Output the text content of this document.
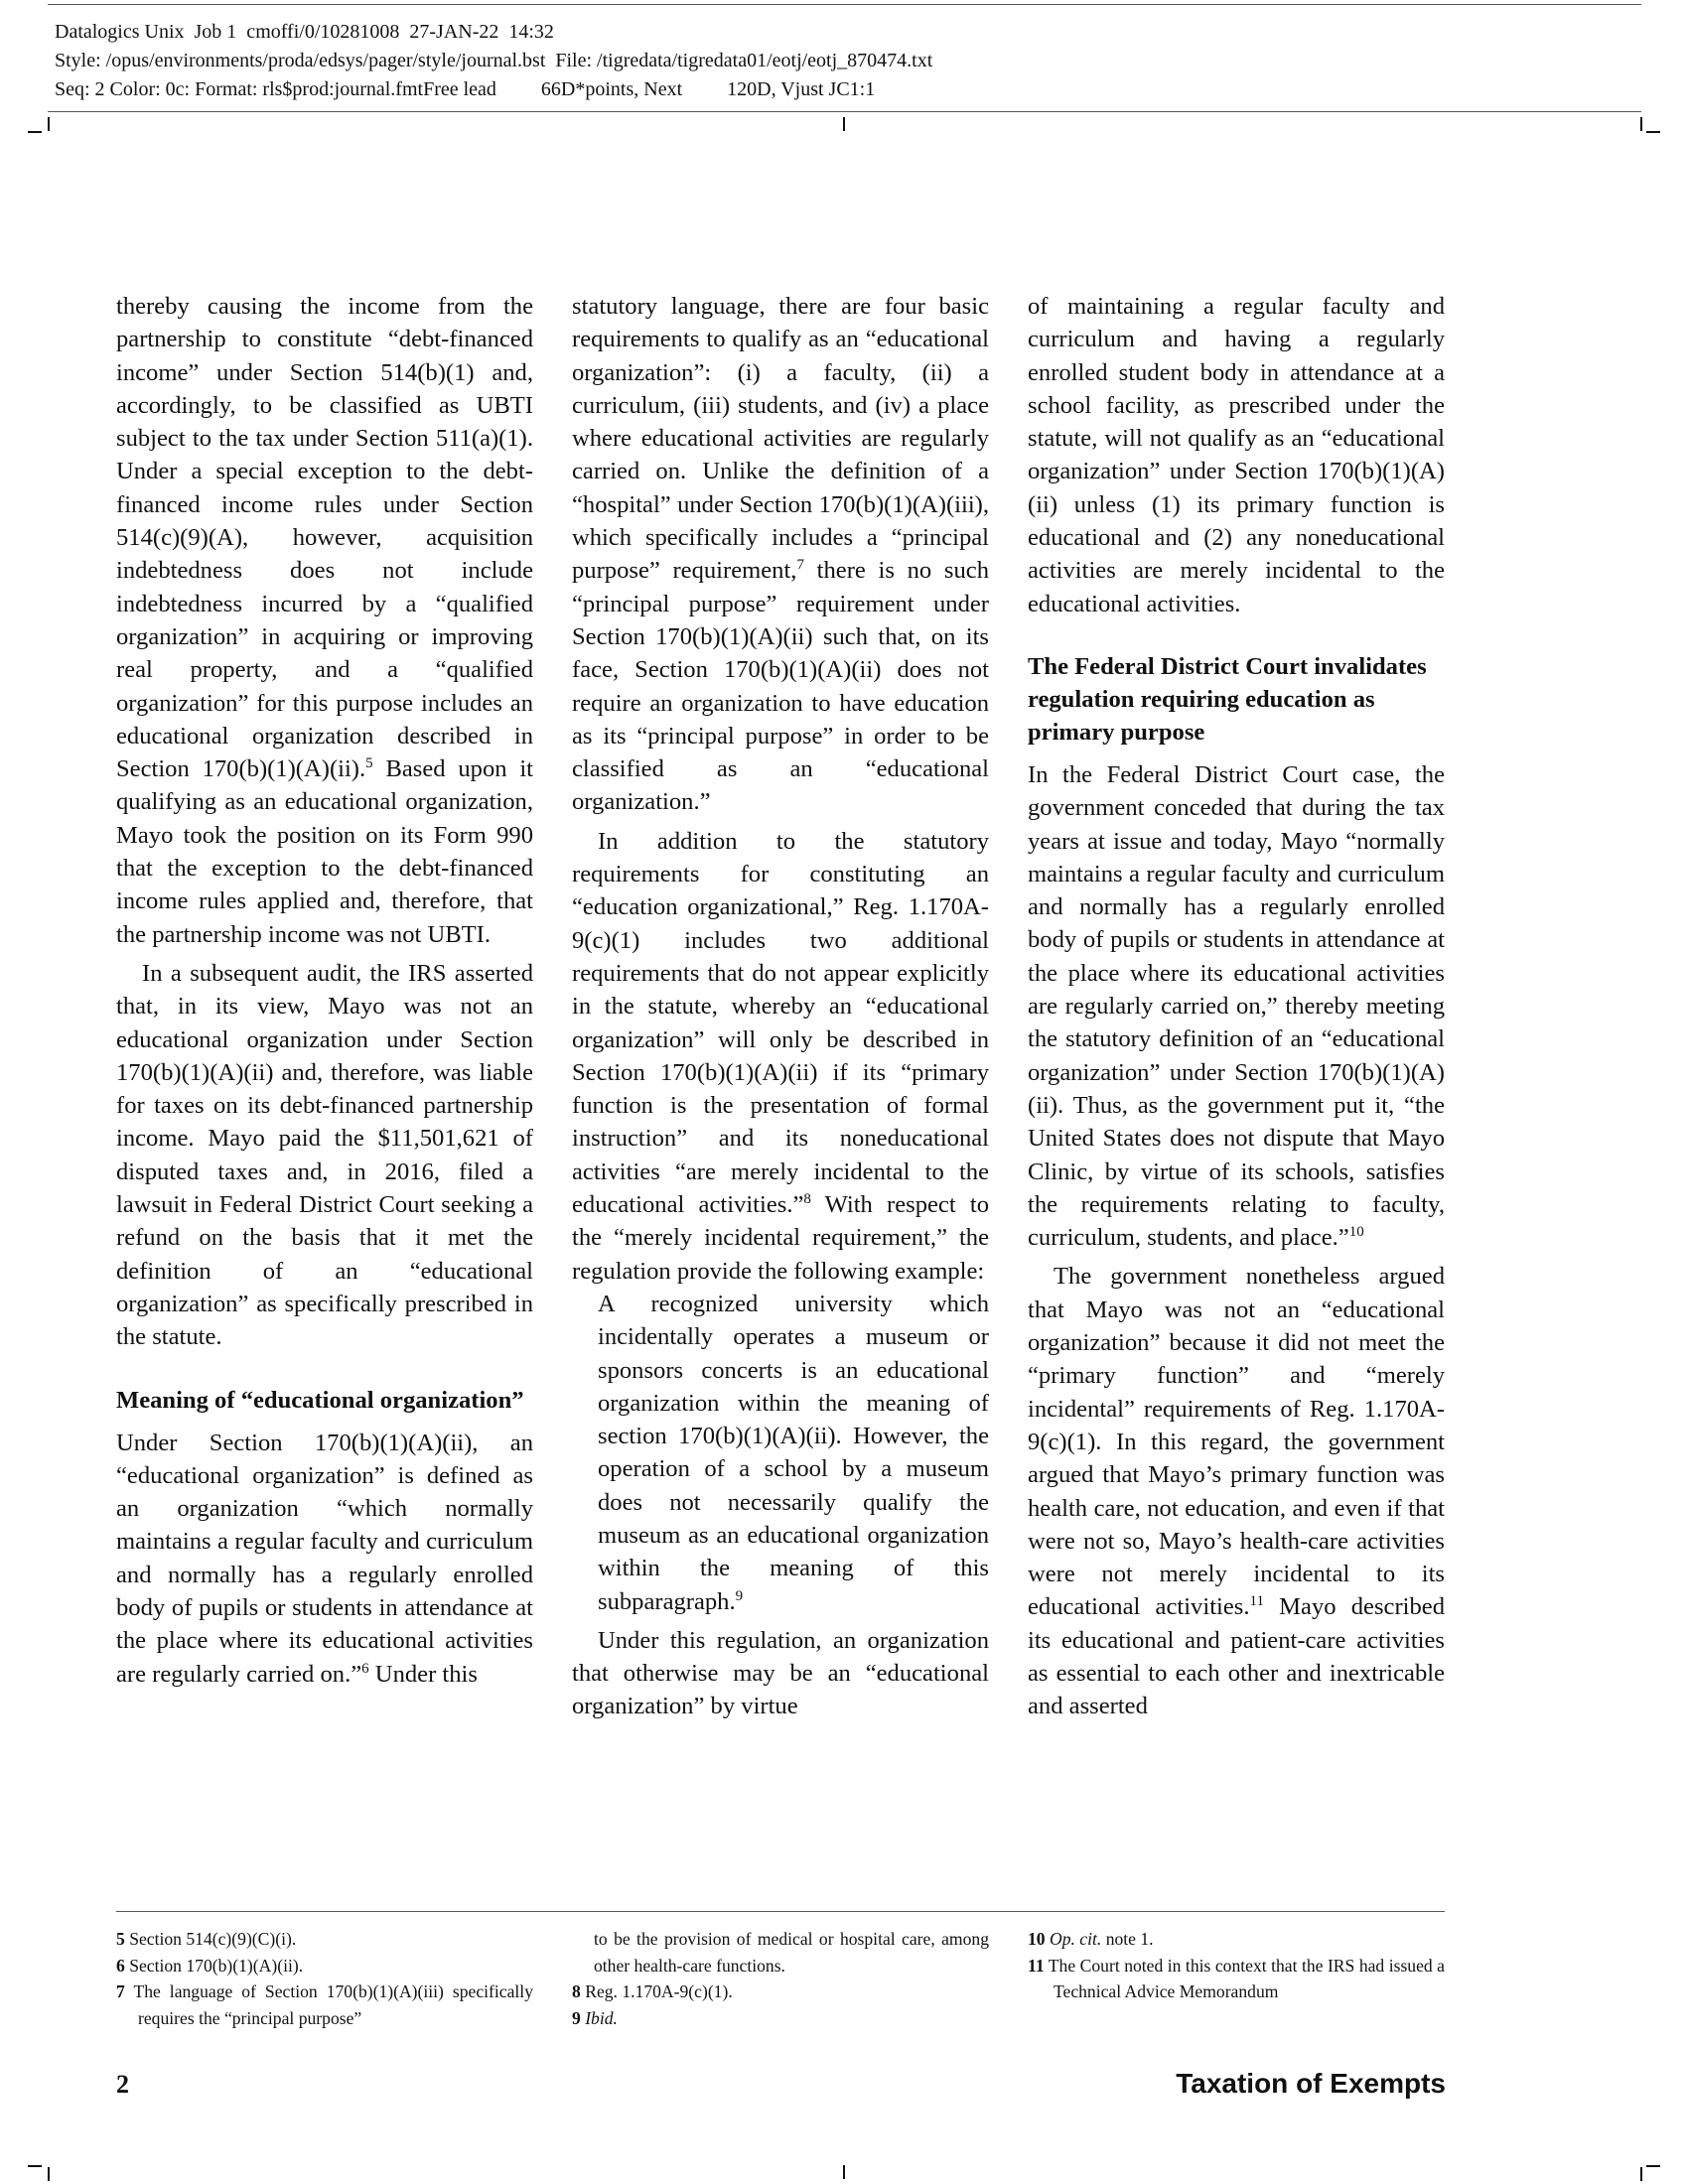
Datalogics Unix  Job 1  cmoffi/0/10281008  27-JAN-22  14:32
Style: /opus/environments/proda/edsys/pager/style/journal.bst  File: /tigredata/tigredata01/eotj/eotj_870474.txt
Seq: 2 Color: 0c: Format: rls$prod:journal.fmtFree lead         66D*points, Next         120D, Vjust JC1:1

thereby causing the income from the partnership to constitute “debt-financed income” under Section 514(b)(1) and, accordingly, to be classified as UBTI subject to the tax under Section 511(a)(1). Under a special exception to the debt-financed income rules under Section 514(c)(9)(A), however, acquisition indebtedness does not include indebtedness incurred by a “qualified organization” in acquiring or improving real property, and a “qualified organization” for this purpose includes an educational organization described in Section 170(b)(1)(A)(ii).$^5$ Based upon it qualifying as an educational organization, Mayo took the position on its Form 990 that the exception to the debt-financed income rules applied and, therefore, that the partnership income was not UBTI.

In a subsequent audit, the IRS asserted that, in its view, Mayo was not an educational organization under Section 170(b)(1)(A)(ii) and, therefore, was liable for taxes on its debt-financed partnership income. Mayo paid the $11,501,621 of disputed taxes and, in 2016, filed a lawsuit in Federal District Court seeking a refund on the basis that it met the definition of an “educational organization” as specifically prescribed in the statute.

Meaning of “educational organization”

Under Section 170(b)(1)(A)(ii), an “educational organization” is defined as an organization “which normally maintains a regular faculty and curriculum and normally has a regularly enrolled body of pupils or students in attendance at the place where its educational activities are regularly carried on.”$^6$ Under this

statutory language, there are four basic requirements to qualify as an “educational organization”: (i) a faculty, (ii) a curriculum, (iii) students, and (iv) a place where educational activities are regularly carried on. Unlike the definition of a “hospital” under Section 170(b)(1)(A)(iii), which specifically includes a “principal purpose” requirement,$^7$ there is no such “principal purpose” requirement under Section 170(b)(1)(A)(ii) such that, on its face, Section 170(b)(1)(A)(ii) does not require an organization to have education as its “principal purpose” in order to be classified as an “educational organization.”

In addition to the statutory requirements for constituting an “education organizational,” Reg. 1.170A-9(c)(1) includes two additional requirements that do not appear explicitly in the statute, whereby an “educational organization” will only be described in Section 170(b)(1)(A)(ii) if its “primary function is the presentation of formal instruction” and its noneducational activities “are merely incidental to the educational activities.”$^8$ With respect to the “merely incidental requirement,” the regulation provide the following example:

A recognized university which incidentally operates a museum or sponsors concerts is an educational organization within the meaning of section 170(b)(1)(A)(ii). However, the operation of a school by a museum does not necessarily qualify the museum as an educational organization within the meaning of this subparagraph.$^9$

Under this regulation, an organization that otherwise may be an “educational organization” by virtue

of maintaining a regular faculty and curriculum and having a regularly enrolled student body in attendance at a school facility, as prescribed under the statute, will not qualify as an “educational organization” under Section 170(b)(1)(A)(ii) unless (1) its primary function is educational and (2) any noneducational activities are merely incidental to the educational activities.

The Federal District Court invalidates regulation requiring education as primary purpose

In the Federal District Court case, the government conceded that during the tax years at issue and today, Mayo “normally maintains a regular faculty and curriculum and normally has a regularly enrolled body of pupils or students in attendance at the place where its educational activities are regularly carried on,” thereby meeting the statutory definition of an “educational organization” under Section 170(b)(1)(A)(ii). Thus, as the government put it, “the United States does not dispute that Mayo Clinic, by virtue of its schools, satisfies the requirements relating to faculty, curriculum, students, and place.”$^{10}$

The government nonetheless argued that Mayo was not an “educational organization” because it did not meet the “primary function” and “merely incidental” requirements of Reg. 1.170A-9(c)(1). In this regard, the government argued that Mayo’s primary function was health care, not education, and even if that were not so, Mayo’s health-care activities were not merely incidental to its educational activities.$^{11}$ Mayo described its educational and patient-care activities as essential to each other and inextricable and asserted

5 Section 514(c)(9)(C)(i).
6 Section 170(b)(1)(A)(ii).
7 The language of Section 170(b)(1)(A)(iii) specifically requires the “principal purpose”
to be the provision of medical or hospital care, among other health-care functions.
8 Reg. 1.170A-9(c)(1).
9 Ibid.
10 Op. cit. note 1.
11 The Court noted in this context that the IRS had issued a Technical Advice Memorandum
2	Taxation of Exempts
